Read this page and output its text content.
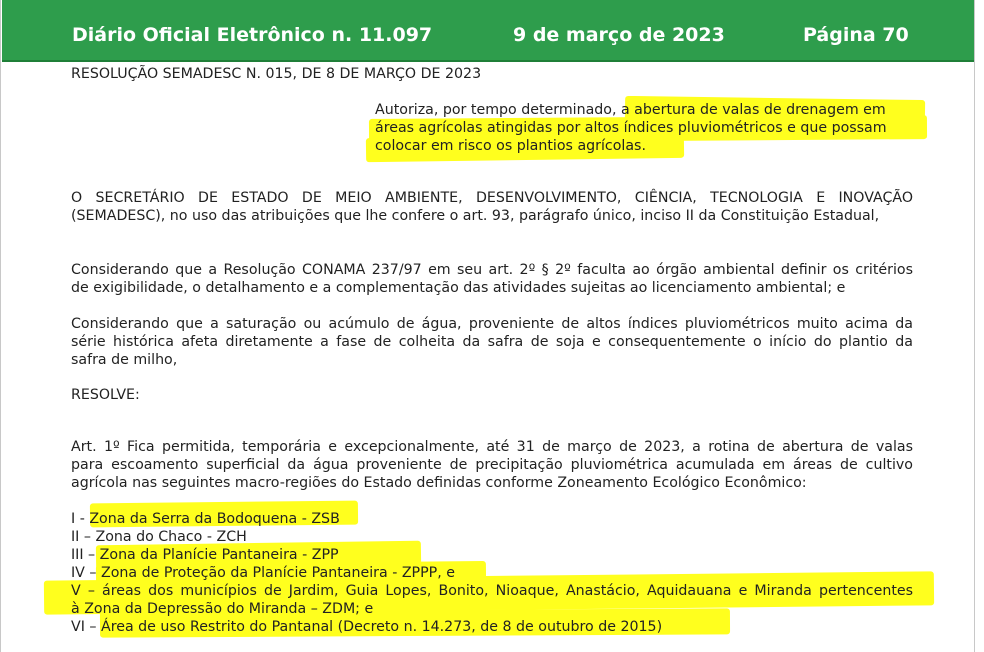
Diário Oficial Eletrônico n. 11.097	9 de março de 2023	Página 70
RESOLUÇÃO SEMADESC N. 015, DE 8 DE MARÇO DE 2023
Autoriza, por tempo determinado, a abertura de valas de drenagem em
áreas agrícolas atingidas por altos índices pluviométricos e que possam
colocar em risco os plantios agrícolas.
O SECRETÁRIO DE ESTADO DE MEIO AMBIENTE, DESENVOLVIMENTO, CIÊNCIA, TECNOLOGIA E INOVAÇÃO
(SEMADESC), no uso das atribuições que lhe confere o art. 93, parágrafo único, inciso II da Constituição Estadual,
Considerando que a Resolução CONAMA 237/97 em seu art. 2º § 2º faculta ao órgão ambiental definir os critérios
de exigibilidade, o detalhamento e a complementação das atividades sujeitas ao licenciamento ambiental; e
Considerando que a saturação ou acúmulo de água, proveniente de altos índices pluviométricos muito acima da
série histórica afeta diretamente a fase de colheita da safra de soja e consequentemente o início do plantio da
safra de milho,
RESOLVE:
Art. 1º Fica permitida, temporária e excepcionalmente, até 31 de março de 2023, a rotina de abertura de valas
para escoamento superficial da água proveniente de precipitação pluviométrica acumulada em áreas de cultivo
agrícola nas seguintes macro-regiões do Estado definidas conforme Zoneamento Ecológico Econômico:
I - Zona da Serra da Bodoquena - ZSB
II – Zona do Chaco - ZCH
III – Zona da Planície Pantaneira - ZPP
IV – Zona de Proteção da Planície Pantaneira - ZPPP, e
V – áreas dos municípios de Jardim, Guia Lopes, Bonito, Nioaque, Anastácio, Aquidauana e Miranda pertencentes
à Zona da Depressão do Miranda – ZDM; e
VI – Área de uso Restrito do Pantanal (Decreto n. 14.273, de 8 de outubro de 2015)
